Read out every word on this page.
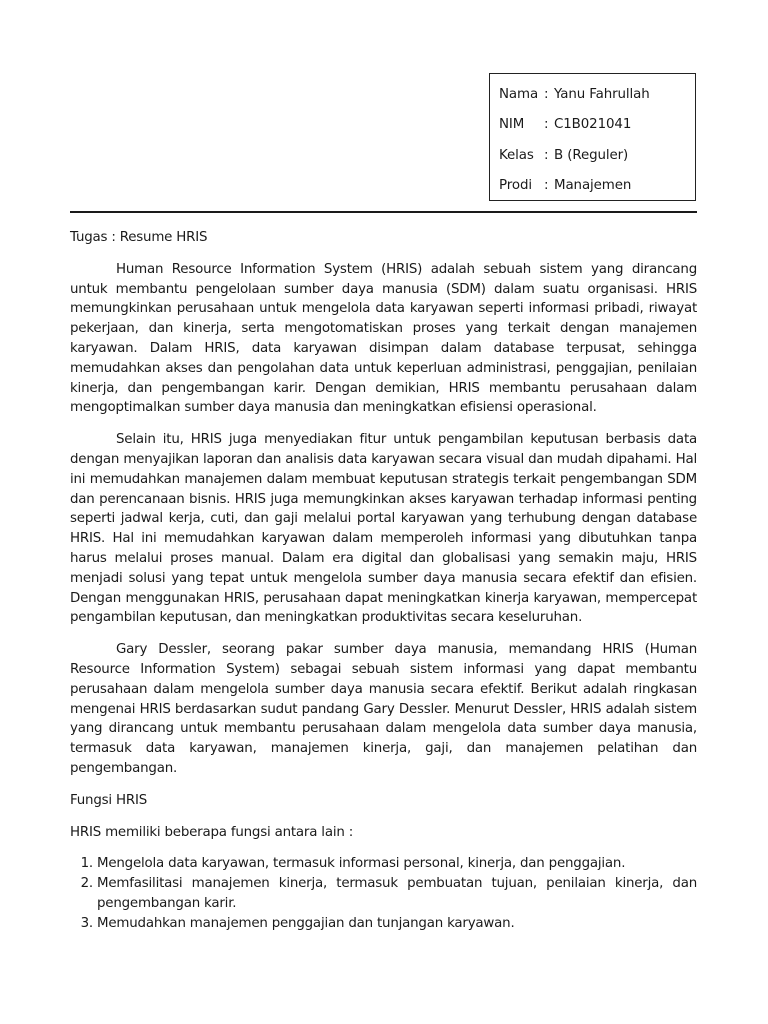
Nama : Yanu Fahrullah
NIM	: C1B021041
Kelas : B (Reguler)
Prodi : Manajemen

Tugas : Resume HRIS

Human Resource Information System (HRIS) adalah sebuah sistem yang dirancang untuk membantu pengelolaan sumber daya manusia (SDM) dalam suatu organisasi. HRIS memungkinkan perusahaan untuk mengelola data karyawan seperti informasi pribadi, riwayat pekerjaan, dan kinerja, serta mengotomatiskan proses yang terkait dengan manajemen karyawan. Dalam HRIS, data karyawan disimpan dalam database terpusat, sehingga memudahkan akses dan pengolahan data untuk keperluan administrasi, penggajian, penilaian kinerja, dan pengembangan karir. Dengan demikian, HRIS membantu perusahaan dalam mengoptimalkan sumber daya manusia dan meningkatkan efisiensi operasional.

Selain itu, HRIS juga menyediakan fitur untuk pengambilan keputusan berbasis data dengan menyajikan laporan dan analisis data karyawan secara visual dan mudah dipahami. Hal ini memudahkan manajemen dalam membuat keputusan strategis terkait pengembangan SDM dan perencanaan bisnis. HRIS juga memungkinkan akses karyawan terhadap informasi penting seperti jadwal kerja, cuti, dan gaji melalui portal karyawan yang terhubung dengan database HRIS. Hal ini memudahkan karyawan dalam memperoleh informasi yang dibutuhkan tanpa harus melalui proses manual. Dalam era digital dan globalisasi yang semakin maju, HRIS menjadi solusi yang tepat untuk mengelola sumber daya manusia secara efektif dan efisien. Dengan menggunakan HRIS, perusahaan dapat meningkatkan kinerja karyawan, mempercepat pengambilan keputusan, dan meningkatkan produktivitas secara keseluruhan.

Gary Dessler, seorang pakar sumber daya manusia, memandang HRIS (Human Resource Information System) sebagai sebuah sistem informasi yang dapat membantu perusahaan dalam mengelola sumber daya manusia secara efektif. Berikut adalah ringkasan mengenai HRIS berdasarkan sudut pandang Gary Dessler. Menurut Dessler, HRIS adalah sistem yang dirancang untuk membantu perusahaan dalam mengelola data sumber daya manusia, termasuk data karyawan, manajemen kinerja, gaji, dan manajemen pelatihan dan pengembangan.

Fungsi HRIS

HRIS memiliki beberapa fungsi antara lain :

1. Mengelola data karyawan, termasuk informasi personal, kinerja, dan penggajian.
2. Memfasilitasi manajemen kinerja, termasuk pembuatan tujuan, penilaian kinerja, dan pengembangan karir.
3. Memudahkan manajemen penggajian dan tunjangan karyawan.
